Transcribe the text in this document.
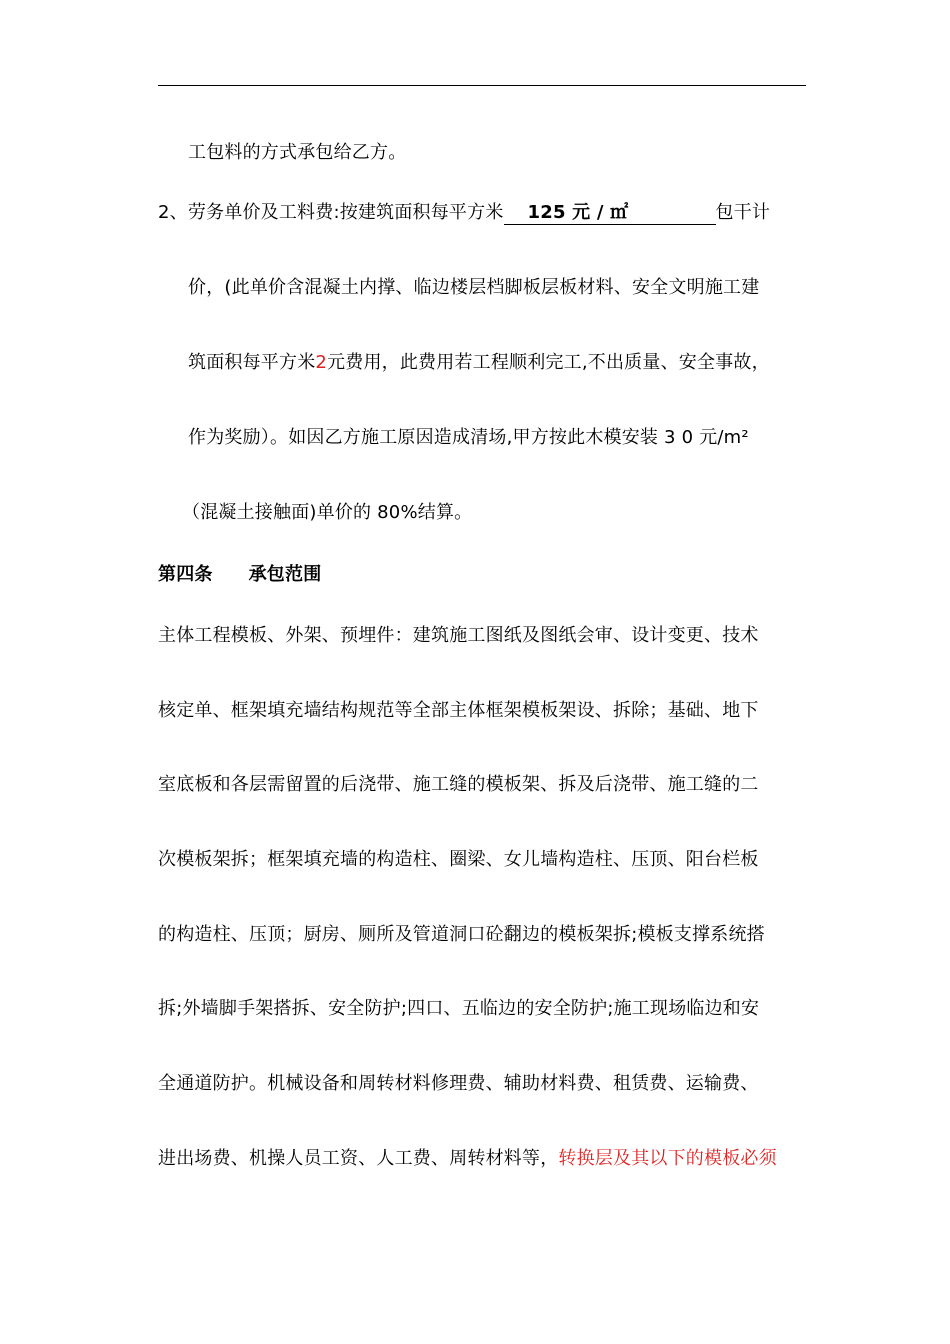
工包料的方式承包给乙方。
2、劳务单价及工料费:按建筑面积每平方米 125 元 / ㎡	包干计
价，(此单价含混凝土内撑、临边楼层档脚板层板材料、安全文明施工建
筑面积每平方米2元费用，此费用若工程顺利完工,不出质量、安全事故，
作为奖励）。如因乙方施工原因造成清场,甲方按此木模安装 3 0 元/m²
（混凝土接触面)单价的 80%结算。
第四条 承包范围
主体工程模板、外架、预埋件：建筑施工图纸及图纸会审、设计变更、技术
核定单、框架填充墙结构规范等全部主体框架模板架设、拆除；基础、地下
室底板和各层需留置的后浇带、施工缝的模板架、拆及后浇带、施工缝的二
次模板架拆；框架填充墙的构造柱、圈梁、女儿墙构造柱、压顶、阳台栏板
的构造柱、压顶；厨房、厕所及管道洞口砼翻边的模板架拆;模板支撑系统搭
拆;外墙脚手架搭拆、安全防护;四口、五临边的安全防护;施工现场临边和安
全通道防护。机械设备和周转材料修理费、辅助材料费、租赁费、运输费、
进出场费、机操人员工资、人工费、周转材料等，转换层及其以下的模板必须
